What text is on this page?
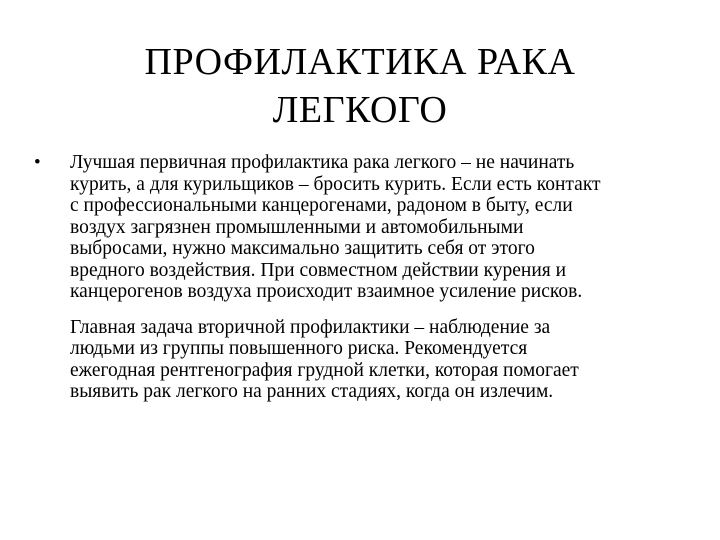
ПРОФИЛАКТИКА РАКА
ЛЕГКОГО
• Лучшая первичная профилактика рака легкого – не начинать
курить, а для курильщиков – бросить курить. Если есть контакт
с профессиональными канцерогенами, радоном в быту, если
воздух загрязнен промышленными и автомобильными
выбросами, нужно максимально защитить себя от этого
вредного воздействия. При совместном действии курения и
канцерогенов воздуха происходит взаимное усиление рисков.

Главная задача вторичной профилактики – наблюдение за
людьми из группы повышенного риска. Рекомендуется
ежегодная рентгенография грудной клетки, которая помогает
выявить рак легкого на ранних стадиях, когда он излечим.
